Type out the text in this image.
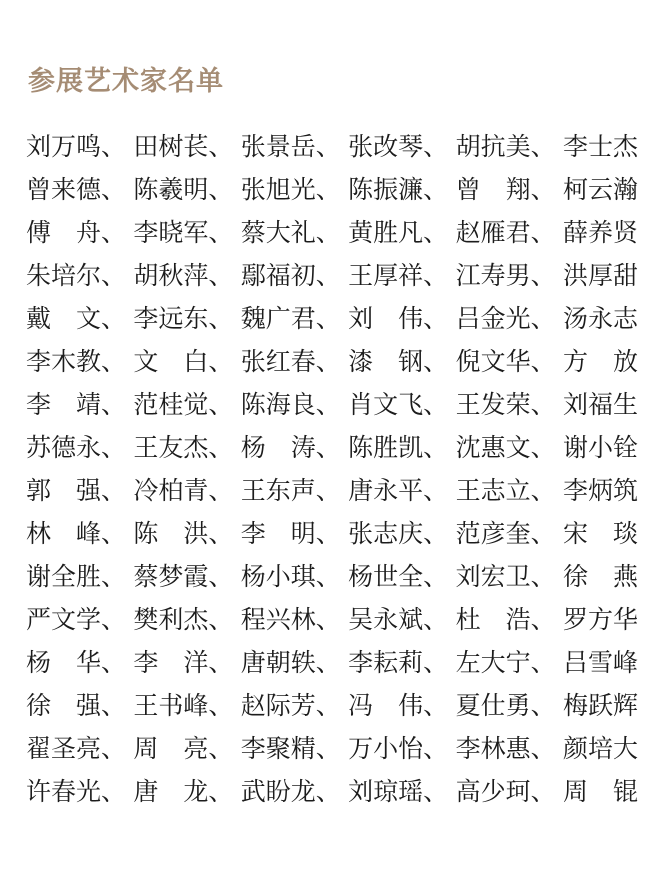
参展艺术家名单
刘万鸣、 田树苌、 张景岳、 张改琴、 胡抗美、 李士杰
曾来德、 陈羲明、 张旭光、 陈振濂、 曾　翔、 柯云瀚
傅　舟、 李晓军、 蔡大礼、 黄胜凡、 赵雁君、 薛养贤
朱培尔、 胡秋萍、 鄢福初、 王厚祥、 江寿男、 洪厚甜
戴　文、 李远东、 魏广君、 刘　伟、 吕金光、 汤永志
李木教、 文　白、 张红春、 漆　钢、 倪文华、 方　放
李　靖、 范桂觉、 陈海良、 肖文飞、 王发荣、 刘福生
苏德永、 王友杰、 杨　涛、 陈胜凯、 沈惠文、 谢小铨
郭　强、 冷柏青、 王东声、 唐永平、 王志立、 李炳筑
林　峰、 陈　洪、 李　明、 张志庆、 范彦奎、 宋　琰
谢全胜、 蔡梦霞、 杨小琪、 杨世全、 刘宏卫、 徐　燕
严文学、 樊利杰、 程兴林、 吴永斌、 杜　浩、 罗方华
杨　华、 李　洋、 唐朝轶、 李耘莉、 左大宁、 吕雪峰
徐　强、 王书峰、 赵际芳、 冯　伟、 夏仕勇、 梅跃辉
翟圣亮、 周　亮、 李聚精、 万小怡、 李林惠、 颜培大
许春光、 唐　龙、 武盼龙、 刘琼瑶、 高少珂、 周　锟
